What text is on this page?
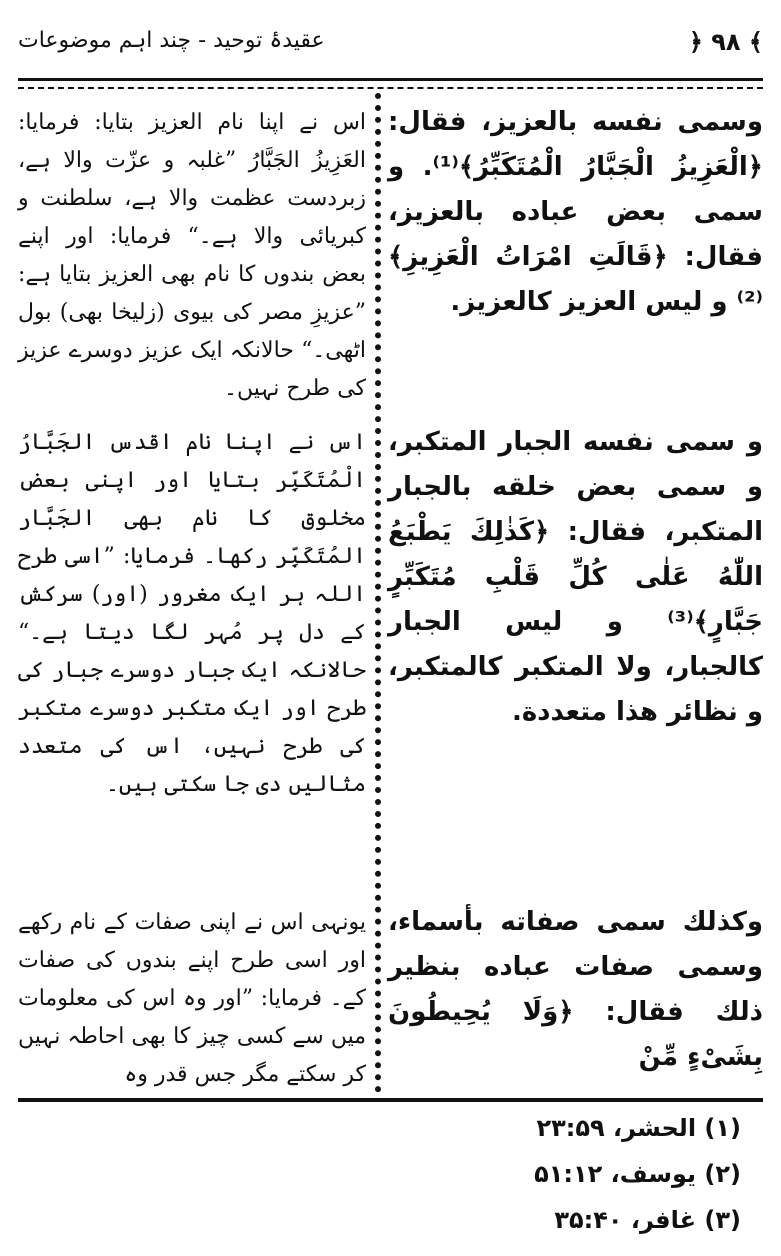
عقیدۂ توحید - چند اہم موضوعات	﴿ ۹۸ ﴾
وسمی نفسه بالعزیز، فقال: ﴿الْعَزِیزُ الْجَبَّارُ الْمُتَكَبِّرُ﴾⁽¹⁾. و سمی بعض عباده بالعزیز، فقال: ﴿قَالَتِ امْرَاتُ الْعَزِیزِ﴾⁽²⁾ و لیس العزیز كالعزیز.
اس نے اپنا نام العزیز بتایا: فرمایا: العَزِیزُ الجَبَّارُ ”غلبہ و عزّت والا ہے، زبردست عظمت والا ہے، سلطنت و کبریائی والا ہے۔“ فرمایا: اور اپنے بعض بندوں کا نام بھی العزیز بتایا ہے: ”عزیزِ مصر کی بیوی (زلیخا بھی) بول اٹھی۔“ حالانکہ ایک عزیز دوسرے عزیز کی طرح نہیں۔
و سمی نفسه الجبار المتكبر، و سمی بعض خلقه بالجبار المتكبر، فقال: ﴿كَذٰلِكَ یَطْبَعُ اللّٰهُ عَلٰی كُلِّ قَلْبِ مُتَكَبِّرٍ جَبَّارٍ﴾⁽³⁾ و لیس الجبار كالجبار، ولا المتكبر كالمتكبر، و نظائر هذا متعددة.
اس نے اپنا نام اقدس الجَبَّارُ الْمُتَكَبِّر بتایا اور اپنی بعض مخلوق کا نام بھی الجَبَّار المُتَکَبِّر رکھا۔ فرمایا: ”اسی طرح اللہ ہر ایک مغرور (اور) سرکش کے دل پر مُہر لگا دیتا ہے۔“ حالانکہ ایک جبار دوسرے جبار کی طرح اور ایک متکبر دوسرے متکبر کی طرح نہیں، اس کی متعدد مثالیں دی جا سکتی ہیں۔
وكذلك سمی صفاته بأسماء، وسمی صفات عباده بنظیر ذلك فقال: ﴿وَلَا یُحِیطُونَ بِشَیْءٍ مِّنْ
یونہی اس نے اپنی صفات کے نام رکھے اور اسی طرح اپنے بندوں کی صفات کے۔ فرمایا: ”اور وہ اس کی معلومات میں سے کسی چیز کا بھی احاطہ نہیں کر سکتے مگر جس قدر وہ
(۱) الحشر، ۲۳:۵۹
(۲) یوسف، ۵۱:۱۲
(۳) غافر، ۳۵:۴۰
